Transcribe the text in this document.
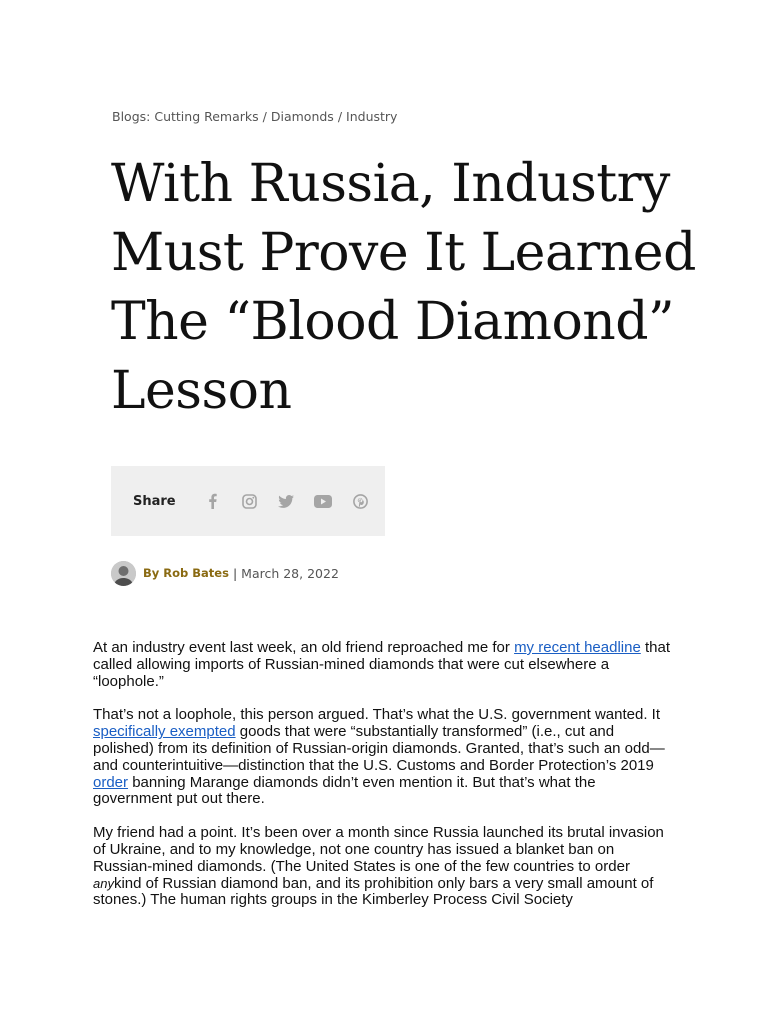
Blogs: Cutting Remarks / Diamonds / Industry
With Russia, Industry Must Prove It Learned The “Blood Diamond” Lesson
Share
By Rob Bates | March 28, 2022

At an industry event last week, an old friend reproached me for my recent headline that called allowing imports of Russian-mined diamonds that were cut elsewhere a “loophole.”

That’s not a loophole, this person argued. That’s what the U.S. government wanted. It specifically exempted goods that were “substantially transformed” (i.e., cut and polished) from its definition of Russian-origin diamonds. Granted, that’s such an odd—and counterintuitive—distinction that the U.S. Customs and Border Protection’s 2019 order banning Marange diamonds didn’t even mention it. But that’s what the government put out there.

My friend had a point. It’s been over a month since Russia launched its brutal invasion of Ukraine, and to my knowledge, not one country has issued a blanket ban on Russian-mined diamonds. (The United States is one of the few countries to order anykind of Russian diamond ban, and its prohibition only bars a very small amount of stones.) The human rights groups in the Kimberley Process Civil Society
